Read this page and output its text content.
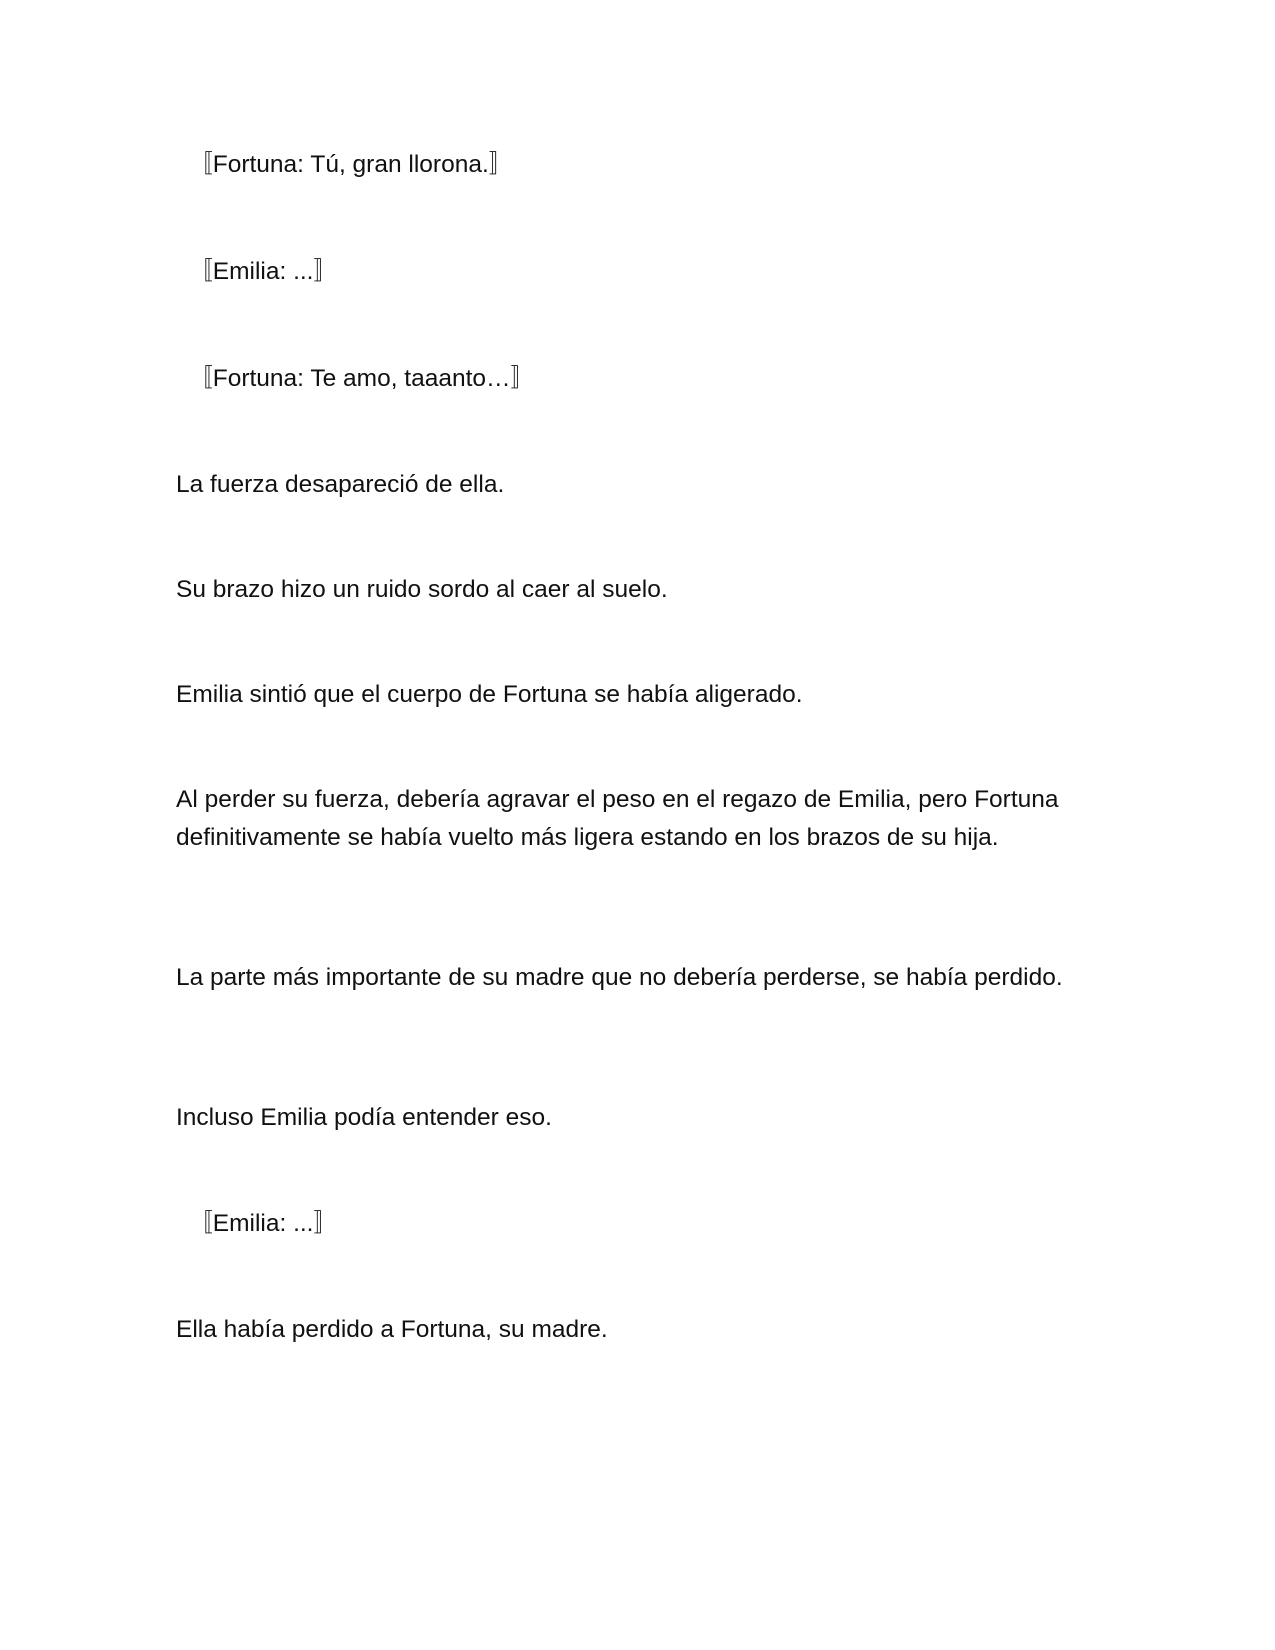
　〚Fortuna: Tú, gran llorona.〛

　〚Emilia: ...〛

　〚Fortuna: Te amo, taaanto…〛

La fuerza desapareció de ella.

Su brazo hizo un ruido sordo al caer al suelo.

Emilia sintió que el cuerpo de Fortuna se había aligerado.

Al perder su fuerza, debería agravar el peso en el regazo de Emilia, pero Fortuna definitivamente se había vuelto más ligera estando en los brazos de su hija.

La parte más importante de su madre que no debería perderse, se había perdido.

Incluso Emilia podía entender eso.

　〚Emilia: ...〛

Ella había perdido a Fortuna, su madre.
